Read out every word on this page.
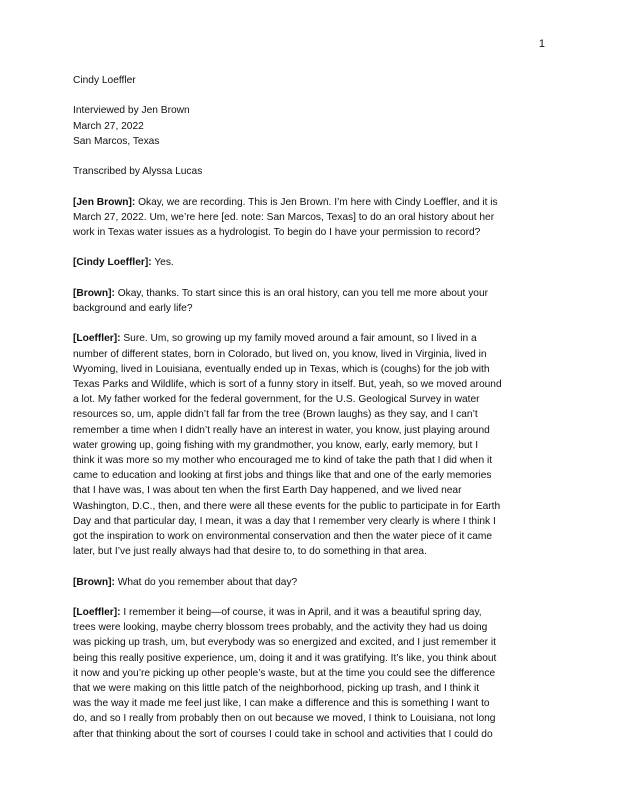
1
Cindy Loeffler
Interviewed by Jen Brown
March 27, 2022
San Marcos, Texas
Transcribed by Alyssa Lucas
[Jen Brown]: Okay, we are recording. This is Jen Brown. I’m here with Cindy Loeffler, and it is
March 27, 2022. Um, we’re here [ed. note: San Marcos, Texas] to do an oral history about her
work in Texas water issues as a hydrologist. To begin do I have your permission to record?
[Cindy Loeffler]: Yes.
[Brown]: Okay, thanks. To start since this is an oral history, can you tell me more about your
background and early life?
[Loeffler]: Sure. Um, so growing up my family moved around a fair amount, so I lived in a
number of different states, born in Colorado, but lived on, you know, lived in Virginia, lived in
Wyoming, lived in Louisiana, eventually ended up in Texas, which is (coughs) for the job with
Texas Parks and Wildlife, which is sort of a funny story in itself. But, yeah, so we moved around
a lot. My father worked for the federal government, for the U.S. Geological Survey in water
resources so, um, apple didn’t fall far from the tree (Brown laughs) as they say, and I can’t
remember a time when I didn’t really have an interest in water, you know, just playing around
water growing up, going fishing with my grandmother, you know, early, early memory, but I
think it was more so my mother who encouraged me to kind of take the path that I did when it
came to education and looking at first jobs and things like that and one of the early memories
that I have was, I was about ten when the first Earth Day happened, and we lived near
Washington, D.C., then, and there were all these events for the public to participate in for Earth
Day and that particular day, I mean, it was a day that I remember very clearly is where I think I
got the inspiration to work on environmental conservation and then the water piece of it came
later, but I’ve just really always had that desire to, to do something in that area.
[Brown]: What do you remember about that day?
[Loeffler]: I remember it being—of course, it was in April, and it was a beautiful spring day,
trees were looking, maybe cherry blossom trees probably, and the activity they had us doing
was picking up trash, um, but everybody was so energized and excited, and I just remember it
being this really positive experience, um, doing it and it was gratifying. It’s like, you think about
it now and you’re picking up other people’s waste, but at the time you could see the difference
that we were making on this little patch of the neighborhood, picking up trash, and I think it
was the way it made me feel just like, I can make a difference and this is something I want to
do, and so I really from probably then on out because we moved, I think to Louisiana, not long
after that thinking about the sort of courses I could take in school and activities that I could do
